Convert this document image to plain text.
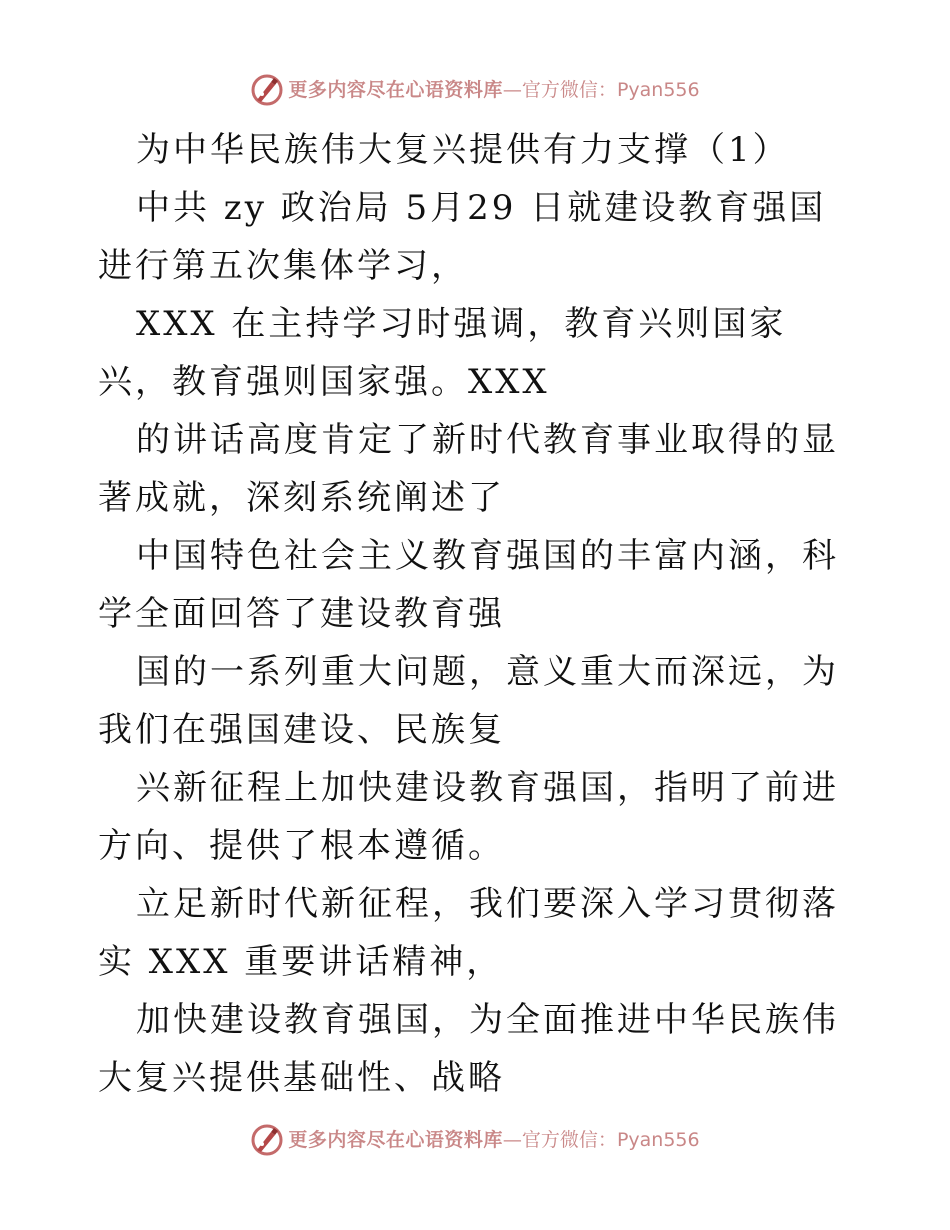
更多内容尽在心语资料库 — 官方微信： Pyan556

为中华民族伟大复兴提供有力支撑（1）

中共 zy 政治局 5月29 日就建设教育强国进行第五次集体学习，

XXX 在主持学习时强调，教育兴则国家兴，教育强则国家强。XXX

的讲话高度肯定了新时代教育事业取得的显著成就，深刻系统阐述了

中国特色社会主义教育强国的丰富内涵，科学全面回答了建设教育强

国的一系列重大问题，意义重大而深远，为我们在强国建设、民族复

兴新征程上加快建设教育强国，指明了前进方向、提供了根本遵循。

立足新时代新征程，我们要深入学习贯彻落实 XXX 重要讲话精神，

加快建设教育强国，为全面推进中华民族伟大复兴提供基础性、战略

更多内容尽在心语资料库 — 官方微信： Pyan556
